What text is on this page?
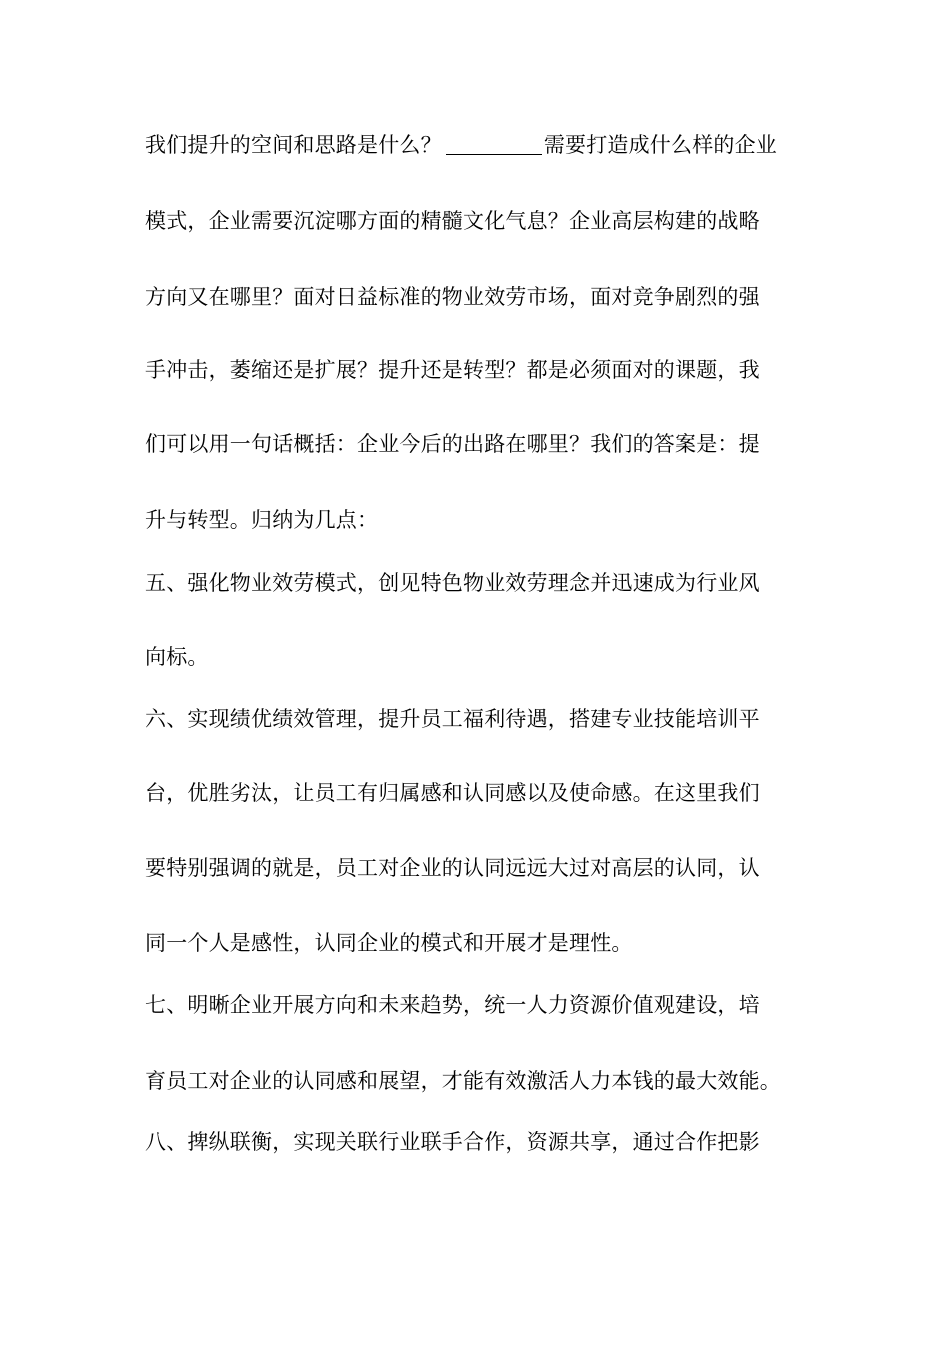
我们提升的空间和思路是什么？	需要打造成什么样的企业
模式，企业需要沉淀哪方面的精髓文化气息？企业高层构建的战略
方向又在哪里？面对日益标准的物业效劳市场，面对竞争剧烈的强
手冲击，萎缩还是扩展？提升还是转型？都是必须面对的课题，我
们可以用一句话概括：企业今后的出路在哪里？我们的答案是：提
升与转型。归纳为几点：
五、强化物业效劳模式，创见特色物业效劳理念并迅速成为行业风
向标。
六、实现绩优绩效管理，提升员工福利待遇，搭建专业技能培训平
台，优胜劣汰，让员工有归属感和认同感以及使命感。在这里我们
要特别强调的就是，员工对企业的认同远远大过对高层的认同，认
同一个人是感性，认同企业的模式和开展才是理性。
七、明晰企业开展方向和未来趋势，统一人力资源价值观建设，培
育员工对企业的认同感和展望，才能有效激活人力本钱的最大效能。
八、捭纵联衡，实现关联行业联手合作，资源共享，通过合作把影
